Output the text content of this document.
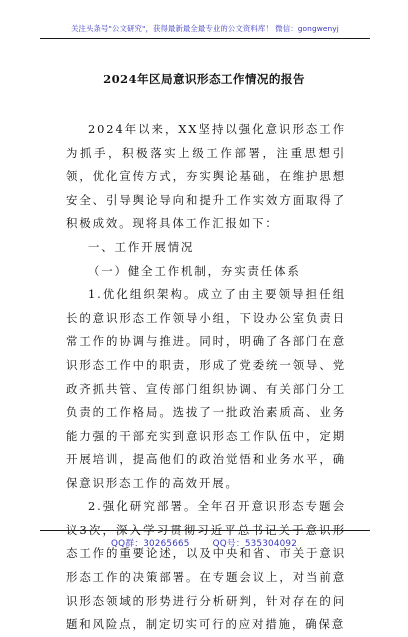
关注头条号"公文研究"，获得最新最全最专业的公文资料库！ 微信：gongwenyj
2024年区局意识形态工作情况的报告

2024年以来，XX坚持以强化意识形态工作为抓手，积极落实上级工作部署，注重思想引领，优化宣传方式，夯实舆论基础，在维护思想安全、引导舆论导向和提升工作实效方面取得了积极成效。现将具体工作汇报如下：

一、工作开展情况
（一）健全工作机制，夯实责任体系

1.优化组织架构。成立了由主要领导担任组长的意识形态工作领导小组，下设办公室负责日常工作的协调与推进。同时，明确了各部门在意识形态工作中的职责，形成了党委统一领导、党政齐抓共管、宣传部门组织协调、有关部门分工负责的工作格局。选拔了一批政治素质高、业务能力强的干部充实到意识形态工作队伍中，定期开展培训，提高他们的政治觉悟和业务水平，确保意识形态工作的高效开展。

2.强化研究部署。全年召开意识形态专题会议3次，深入学习贯彻习近平总书记关于意识形态工作的重要论述，以及中央和省、市关于意识形态工作的决策部署。在专题会议上，对当前意识形态领域的形势进行分析研判，针对存在的问题和风险点，制定切实可行的应对措施，确保意

QQ群：30265665	QQ号：535304092
